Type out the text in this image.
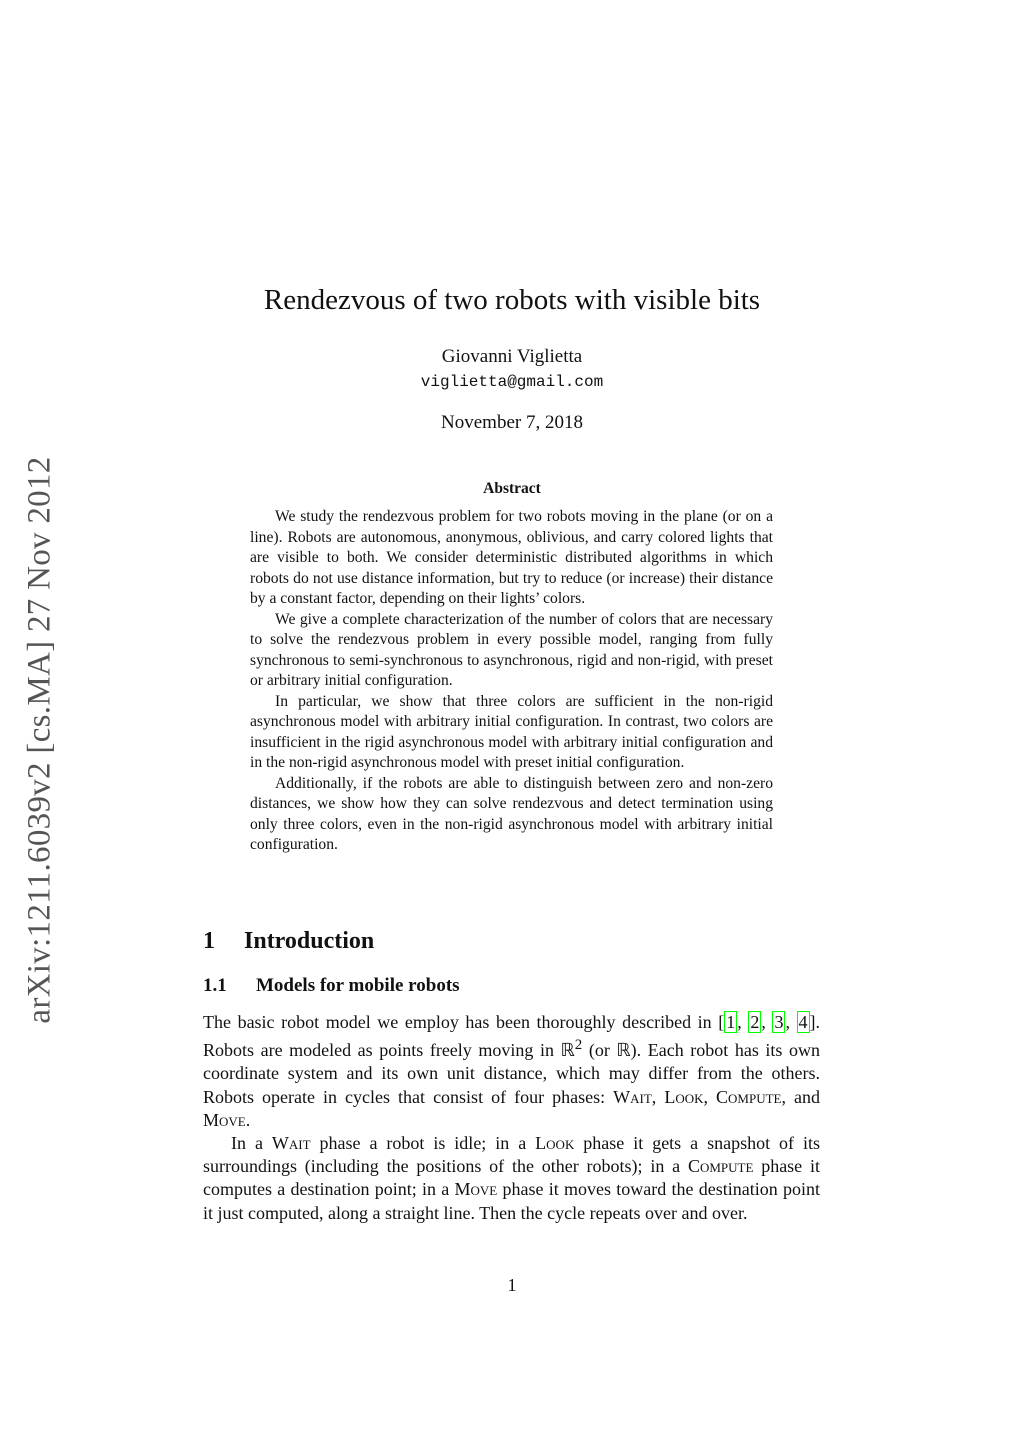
arXiv:1211.6039v2 [cs.MA] 27 Nov 2012
Rendezvous of two robots with visible bits
Giovanni Viglietta
viglietta@gmail.com
November 7, 2018
Abstract

We study the rendezvous problem for two robots moving in the plane (or on a line). Robots are autonomous, anonymous, oblivious, and carry colored lights that are visible to both. We consider deterministic distributed algorithms in which robots do not use distance information, but try to reduce (or increase) their distance by a constant factor, depending on their lights’ colors.

We give a complete characterization of the number of colors that are necessary to solve the rendezvous problem in every possible model, ranging from fully synchronous to semi-synchronous to asynchronous, rigid and non-rigid, with preset or arbitrary initial configuration.

In particular, we show that three colors are sufficient in the non-rigid asynchronous model with arbitrary initial configuration. In contrast, two colors are insufficient in the rigid asynchronous model with arbitrary initial configuration and in the non-rigid asynchronous model with preset initial configuration.

Additionally, if the robots are able to distinguish between zero and non-zero distances, we show how they can solve rendezvous and detect termination using only three colors, even in the non-rigid asynchronous model with arbitrary initial configuration.

1 Introduction
1.1 Models for mobile robots

The basic robot model we employ has been thoroughly described in [ 1 , 2 , 3 , 4 ]. Robots are modeled as points freely moving in ℝ$^2$ (or ℝ). Each robot has its own coordinate system and its own unit distance, which may differ from the others. Robots operate in cycles that consist of four phases: Wait, Look, Compute, and Move.

In a Wait phase a robot is idle; in a Look phase it gets a snapshot of its surroundings (including the positions of the other robots); in a Compute phase it computes a destination point; in a Move phase it moves toward the destination point it just computed, along a straight line. Then the cycle repeats over and over.

1
